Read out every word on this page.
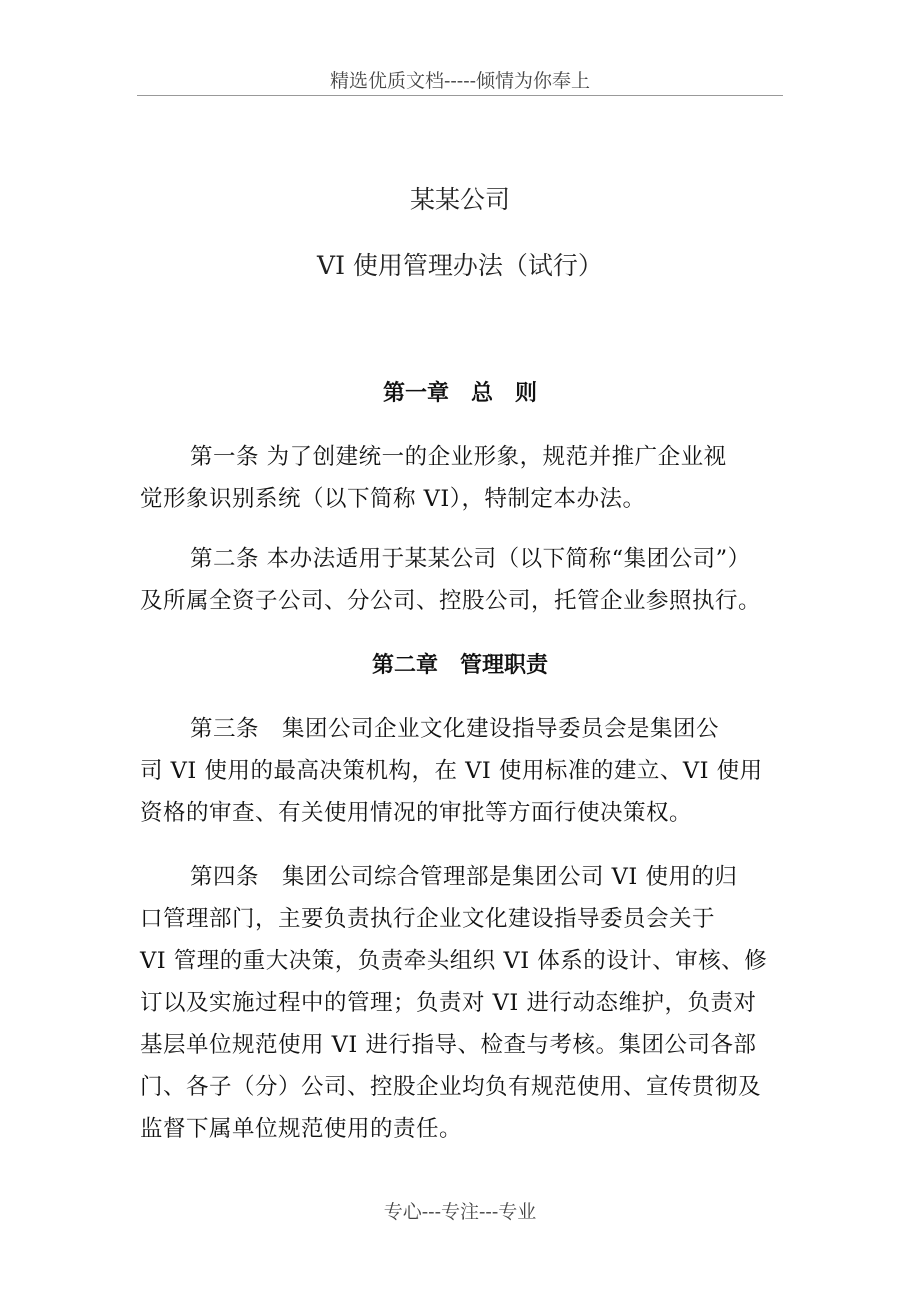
精选优质文档-----倾情为你奉上
某某公司
VI 使用管理办法（试行）
第一章　总　则
第一条 为了创建统一的企业形象，规范并推广企业视
觉形象识别系统（以下简称 VI），特制定本办法。
第二条 本办法适用于某某公司（以下简称“集团公司”）
及所属全资子公司、分公司、控股公司，托管企业参照执行。
第二章　管理职责
第三条　集团公司企业文化建设指导委员会是集团公
司 VI 使用的最高决策机构，在 VI 使用标准的建立、VI 使用
资格的审查、有关使用情况的审批等方面行使决策权。
第四条　集团公司综合管理部是集团公司 VI 使用的归
口管理部门，主要负责执行企业文化建设指导委员会关于
VI 管理的重大决策，负责牵头组织 VI 体系的设计、审核、修
订以及实施过程中的管理；负责对 VI 进行动态维护，负责对
基层单位规范使用 VI 进行指导、检查与考核。集团公司各部
门、各子（分）公司、控股企业均负有规范使用、宣传贯彻及
监督下属单位规范使用的责任。
专心---专注---专业
